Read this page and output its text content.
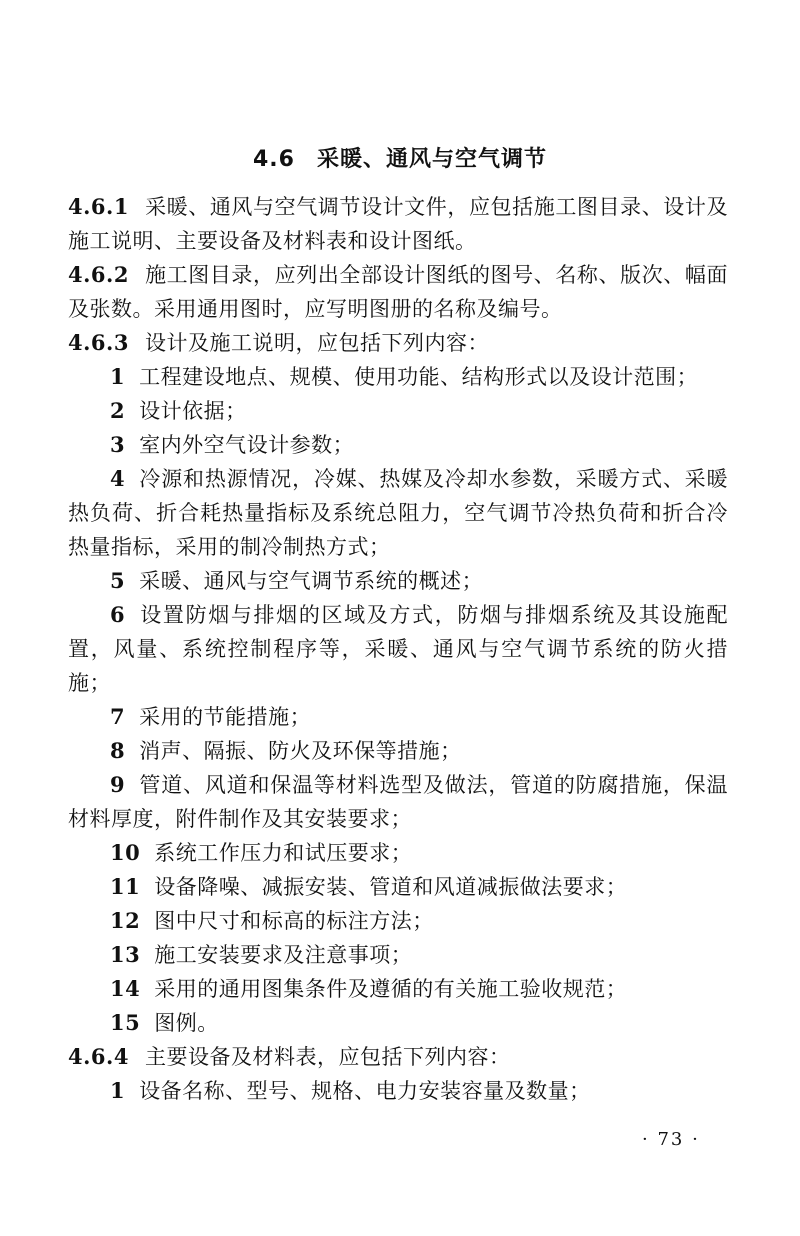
4.6 采暖、通风与空气调节

4.6.1 采暖、通风与空气调节设计文件，应包括施工图目录、设计及施工说明、主要设备及材料表和设计图纸。

4.6.2 施工图目录，应列出全部设计图纸的图号、名称、版次、幅面及张数。采用通用图时，应写明图册的名称及编号。

4.6.3 设计及施工说明，应包括下列内容：

1 工程建设地点、规模、使用功能、结构形式以及设计范围；

2 设计依据；

3 室内外空气设计参数；

4 冷源和热源情况，冷媒、热媒及冷却水参数，采暖方式、采暖热负荷、折合耗热量指标及系统总阻力，空气调节冷热负荷和折合冷热量指标，采用的制冷制热方式；

5 采暖、通风与空气调节系统的概述；

6 设置防烟与排烟的区域及方式，防烟与排烟系统及其设施配置，风量、系统控制程序等，采暖、通风与空气调节系统的防火措施；

7 采用的节能措施；

8 消声、隔振、防火及环保等措施；

9 管道、风道和保温等材料选型及做法，管道的防腐措施，保温材料厚度，附件制作及其安装要求；

10 系统工作压力和试压要求；

11 设备降噪、减振安装、管道和风道减振做法要求；

12 图中尺寸和标高的标注方法；

13 施工安装要求及注意事项；

14 采用的通用图集条件及遵循的有关施工验收规范；

15 图例。

4.6.4 主要设备及材料表，应包括下列内容：

1 设备名称、型号、规格、电力安装容量及数量；

· 73 ·
